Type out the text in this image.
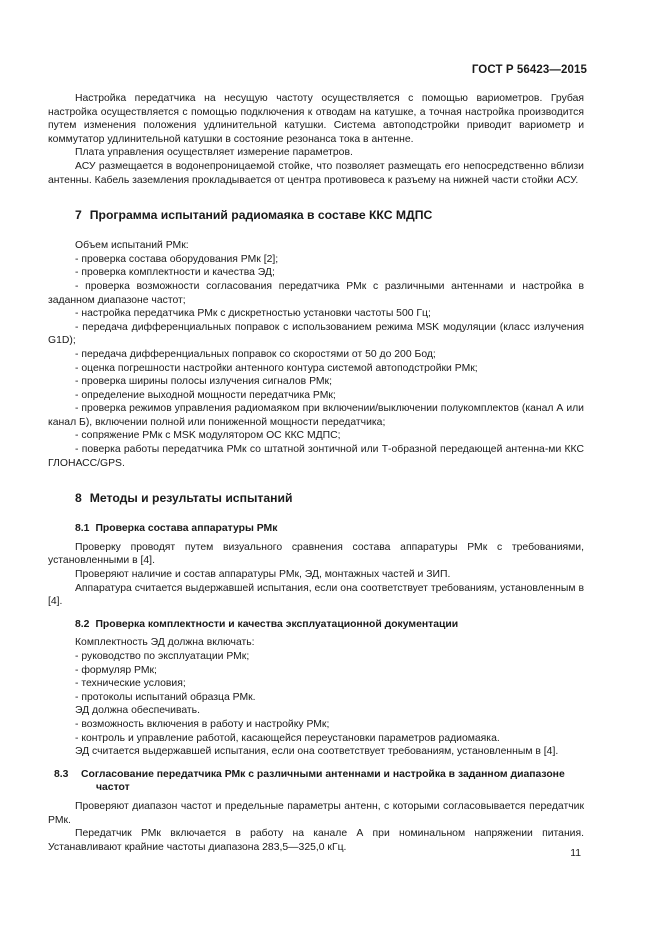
ГОСТ Р 56423—2015

Настройка передатчика на несущую частоту осуществляется с помощью вариометров. Грубая настройка осуществляется с помощью подключения к отводам на катушке, а точная настройка производится путем изменения положения удлинительной катушки. Система автоподстройки приводит вариометр и коммутатор удлинительной катушки в состояние резонанса тока в антенне.

Плата управления осуществляет измерение параметров.

АСУ размещается в водонепроницаемой стойке, что позволяет размещать его непосредственно вблизи антенны. Кабель заземления прокладывается от центра противовеса к разъему на нижней части стойки АСУ.

7 Программа испытаний радиомаяка в составе ККС МДПС

Объем испытаний РМк:

- проверка состава оборудования РМк [2];
- проверка комплектности и качества ЭД;
- проверка возможности согласования передатчика РМк с различными антеннами и настройка в заданном диапазоне частот;
- настройка передатчика РМк с дискретностью установки частоты 500 Гц;
- передача дифференциальных поправок с использованием режима MSK модуляции (класс излучения G1D);
- передача дифференциальных поправок со скоростями от 50 до 200 Бод;
- оценка погрешности настройки антенного контура системой автоподстройки РМк;
- проверка ширины полосы излучения сигналов РМк;
- определение выходной мощности передатчика РМк;
- проверка режимов управления радиомаяком при включении/выключении полукомплектов (канал А или канал Б), включении полной или пониженной мощности передатчика;
- сопряжение РМк с MSK модулятором ОС ККС МДПС;
- поверка работы передатчика РМк со штатной зонтичной или Т-образной передающей антенна-ми ККС ГЛОНАСС/GPS.
8 Методы и результаты испытаний
8.1 Проверка состава аппаратуры РМк

Проверку проводят путем визуального сравнения состава аппаратуры РМк с требованиями, установленными в [4].

Проверяют наличие и состав аппаратуры РМк, ЭД, монтажных частей и ЗИП.

Аппаратура считается выдержавшей испытания, если она соответствует требованиям, установленным в [4].

8.2 Проверка комплектности и качества эксплуатационной документации

Комплектность ЭД должна включать:

- руководство по эксплуатации РМк;
- формуляр РМк;
- технические условия;
- протоколы испытаний образца РМк.

ЭД должна обеспечивать.

- возможность включения в работу и настройку РМк;
- контроль и управление работой, касающейся переустановки параметров радиомаяка.

ЭД считается выдержавшей испытания, если она соответствует требованиям, установленным в [4].

8.3 Согласование передатчика РМк с различными антеннами и настройка в заданном диапазоне частот

Проверяют диапазон частот и предельные параметры антенн, с которыми согласовывается передатчик РМк.

Передатчик РМк включается в работу на канале А при номинальном напряжении питания. Устанавливают крайние частоты диапазона 283,5—325,0 кГц.

11
